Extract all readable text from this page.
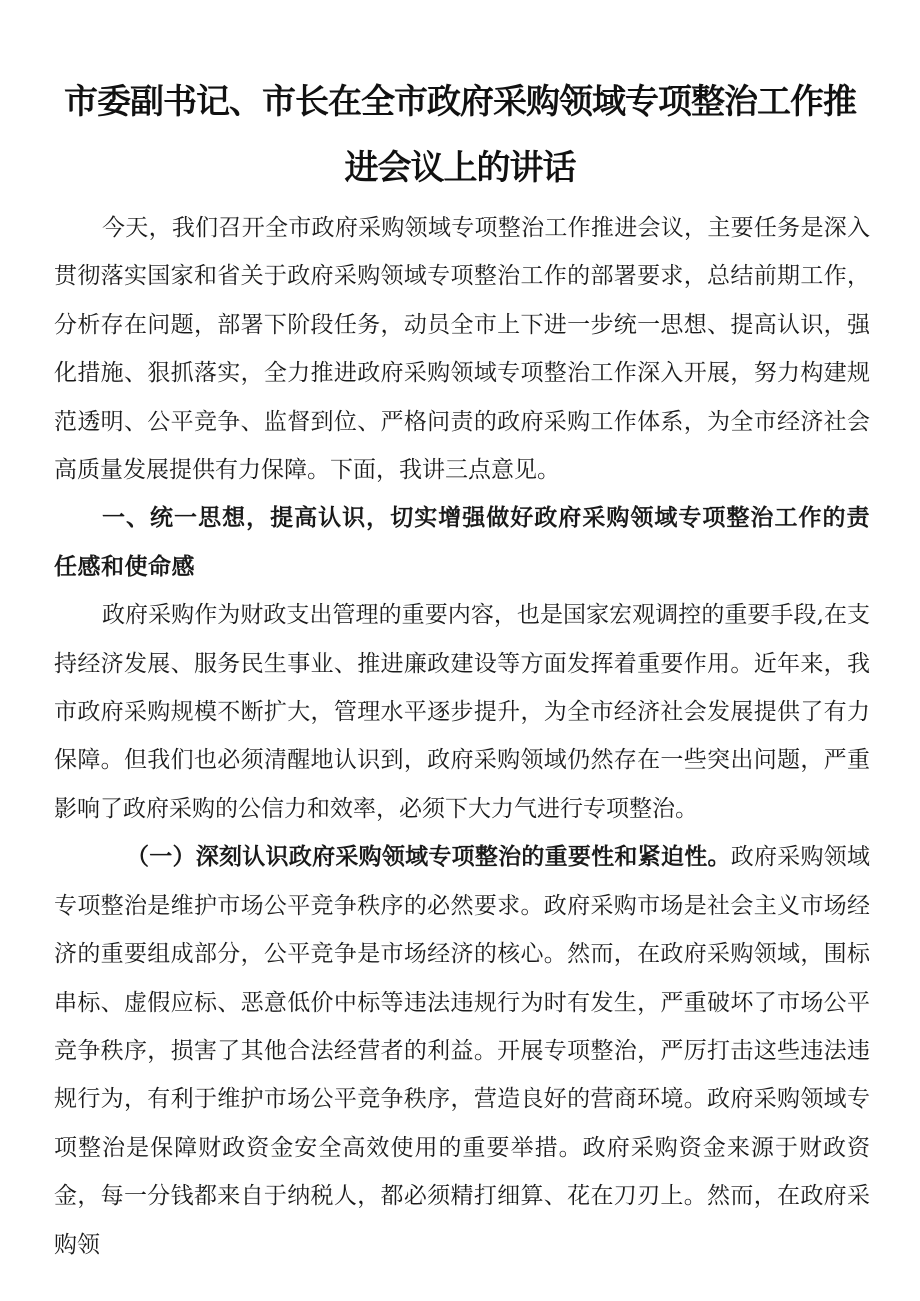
市委副书记、市长在全市政府采购领域专项整治工作推
进会议上的讲话

今天，我们召开全市政府采购领域专项整治工作推进会议，主要任务是深入贯彻落实国家和省关于政府采购领域专项整治工作的部署要求，总结前期工作，分析存在问题，部署下阶段任务，动员全市上下进一步统一思想、提高认识，强化措施、狠抓落实，全力推进政府采购领域专项整治工作深入开展，努力构建规范透明、公平竞争、监督到位、严格问责的政府采购工作体系，为全市经济社会高质量发展提供有力保障。下面，我讲三点意见。

一、统一思想，提高认识，切实增强做好政府采购领域专项整治工作的责任感和使命感

政府采购作为财政支出管理的重要内容，也是国家宏观调控的重要手段,在支持经济发展、服务民生事业、推进廉政建设等方面发挥着重要作用。近年来，我市政府采购规模不断扩大，管理水平逐步提升，为全市经济社会发展提供了有力保障。但我们也必须清醒地认识到，政府采购领域仍然存在一些突出问题，严重影响了政府采购的公信力和效率，必须下大力气进行专项整治。

（一）深刻认识政府采购领域专项整治的重要性和紧迫性。政府采购领域专项整治是维护市场公平竞争秩序的必然要求。政府采购市场是社会主义市场经济的重要组成部分，公平竞争是市场经济的核心。然而，在政府采购领域，围标串标、虚假应标、恶意低价中标等违法违规行为时有发生，严重破坏了市场公平竞争秩序，损害了其他合法经营者的利益。开展专项整治，严厉打击这些违法违规行为，有利于维护市场公平竞争秩序，营造良好的营商环境。政府采购领域专项整治是保障财政资金安全高效使用的重要举措。政府采购资金来源于财政资金，每一分钱都来自于纳税人，都必须精打细算、花在刀刃上。然而，在政府采购领
